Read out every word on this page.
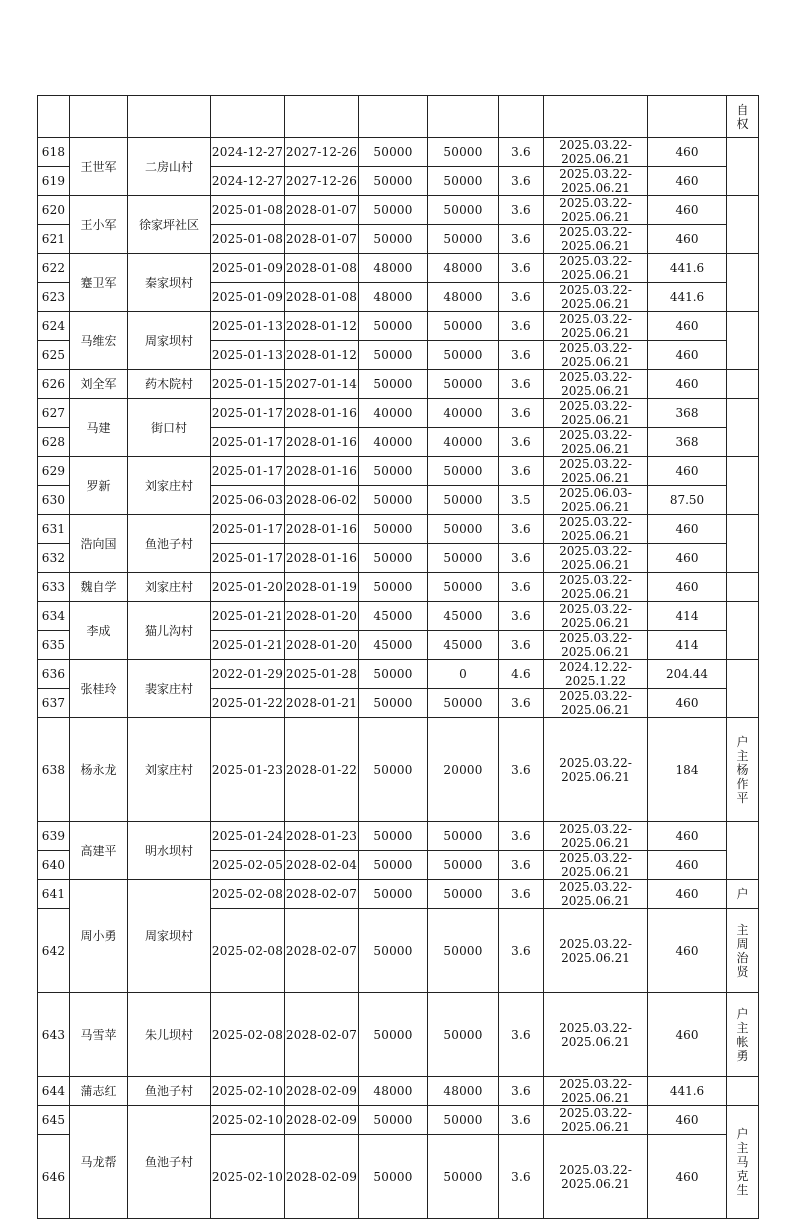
										自
权

618	王世军	二房山村	2024-12-27	2027-12-26	50000	50000	3.6	2025.03.22-2025.06.21	460	
619			2024-12-27	2027-12-26	50000	50000	3.6	2025.03.22-2025.06.21	460	
620	王小军	徐家坪社区	2025-01-08	2028-01-07	50000	50000	3.6	2025.03.22-2025.06.21	460	
621			2025-01-08	2028-01-07	50000	50000	3.6	2025.03.22-2025.06.21	460	
622	蹇卫军	秦家坝村	2025-01-09	2028-01-08	48000	48000	3.6	2025.03.22-2025.06.21	441.6	
623			2025-01-09	2028-01-08	48000	48000	3.6	2025.03.22-2025.06.21	441.6	
624	马维宏	周家坝村	2025-01-13	2028-01-12	50000	50000	3.6	2025.03.22-2025.06.21	460	
625			2025-01-13	2028-01-12	50000	50000	3.6	2025.03.22-2025.06.21	460	
626	刘全军	药木院村	2025-01-15	2027-01-14	50000	50000	3.6	2025.03.22-2025.06.21	460	
627	马建	街口村	2025-01-17	2028-01-16	40000	40000	3.6	2025.03.22-2025.06.21	368	
628			2025-01-17	2028-01-16	40000	40000	3.6	2025.03.22-2025.06.21	368	
629	罗新	刘家庄村	2025-01-17	2028-01-16	50000	50000	3.6	2025.03.22-2025.06.21	460	
630			2025-06-03	2028-06-02	50000	50000	3.5	2025.06.03-2025.06.21	87.50	
631	浩向国	鱼池子村	2025-01-17	2028-01-16	50000	50000	3.6	2025.03.22-2025.06.21	460	
632			2025-01-17	2028-01-16	50000	50000	3.6	2025.03.22-2025.06.21	460	
633	魏自学	刘家庄村	2025-01-20	2028-01-19	50000	50000	3.6	2025.03.22-2025.06.21	460	
634	李成	猫儿沟村	2025-01-21	2028-01-20	45000	45000	3.6	2025.03.22-2025.06.21	414	
635			2025-01-21	2028-01-20	45000	45000	3.6	2025.03.22-2025.06.21	414	
636	张桂玲	裴家庄村	2022-01-29	2025-01-28	50000	0	4.6	2024.12.22-2025.1.22	204.44	
637			2025-01-22	2028-01-21	50000	50000	3.6	2025.03.22-2025.06.21	460	
638	杨永龙	刘家庄村	2025-01-23	2028-01-22	50000	20000	3.6	2025.03.22-2025.06.21	184	户
主
杨
作
平

639	高建平	明水坝村	2025-01-24	2028-01-23	50000	50000	3.6	2025.03.22-2025.06.21	460	
640			2025-02-05	2028-02-04	50000	50000	3.6	2025.03.22-2025.06.21	460	
641	周小勇	周家坝村	2025-02-08	2028-02-07	50000	50000	3.6	2025.03.22-2025.06.21	460	户

642			2025-02-08	2028-02-07	50000	50000	3.6	2025.03.22-2025.06.21	460	主
周
治
贤

643	马雪苹	朱儿坝村	2025-02-08	2028-02-07	50000	50000	3.6	2025.03.22-2025.06.21	460	户
主
帐
勇

644	蒲志红	鱼池子村	2025-02-10	2028-02-09	48000	48000	3.6	2025.03.22-2025.06.21	441.6	
645	马龙帮	鱼池子村	2025-02-10	2028-02-09	50000	50000	3.6	2025.03.22-2025.06.21	460	户
主
马
克
生

646			2025-02-10	2028-02-09	50000	50000	3.6	2025.03.22-2025.06.21	460	
